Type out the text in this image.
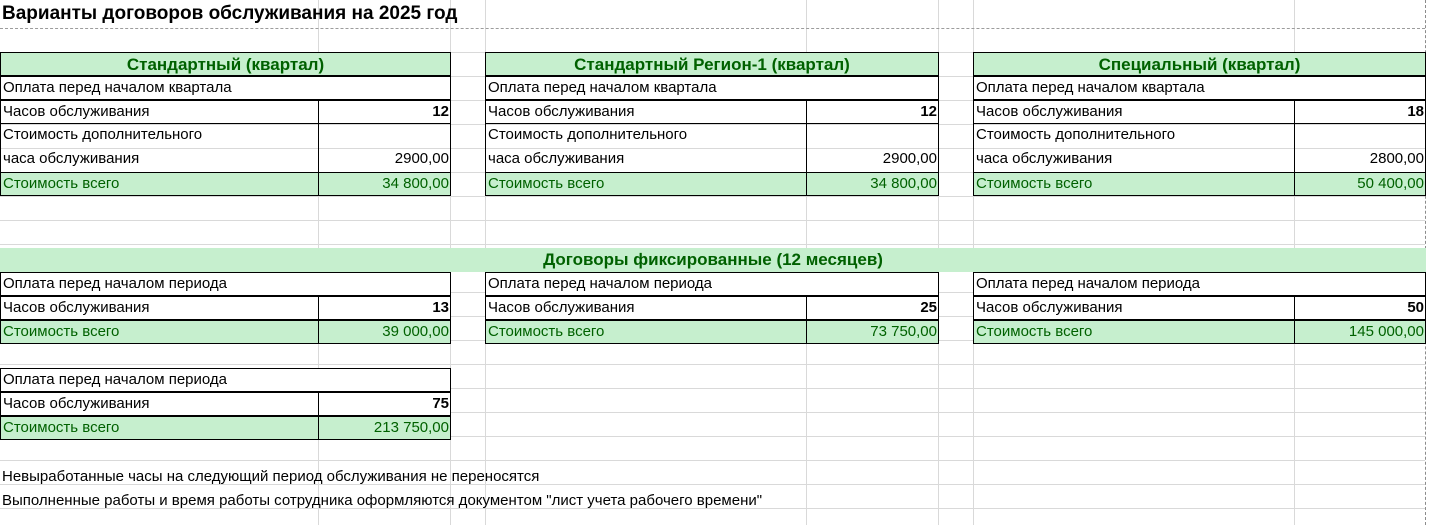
Варианты договоров обслуживания на 2025 год
Стандартный (квартал)
Оплата перед началом квартала
Часов обслуживания	12
Стоимость дополнительного
часа обслуживания	2900,00
Стоимость всего	34 800,00
Стандартный Регион-1 (квартал)
Оплата перед началом квартала
Часов обслуживания	12
Стоимость дополнительного
часа обслуживания	2900,00
Стоимость всего	34 800,00
Специальный (квартал)
Оплата перед началом квартала
Часов обслуживания	18
Стоимость дополнительного
часа обслуживания	2800,00
Стоимость всего	50 400,00
Договоры фиксированные (12 месяцев)
Оплата перед началом периода
Часов обслуживания	13
Стоимость всего	39 000,00
Оплата перед началом периода
Часов обслуживания	25
Стоимость всего	73 750,00
Оплата перед началом периода
Часов обслуживания	50
Стоимость всего	145 000,00
Оплата перед началом периода
Часов обслуживания	75
Стоимость всего	213 750,00
Невыработанные часы на следующий период обслуживания не переносятся
Выполненные работы и время работы сотрудника оформляются документом "лист учета рабочего времени"
